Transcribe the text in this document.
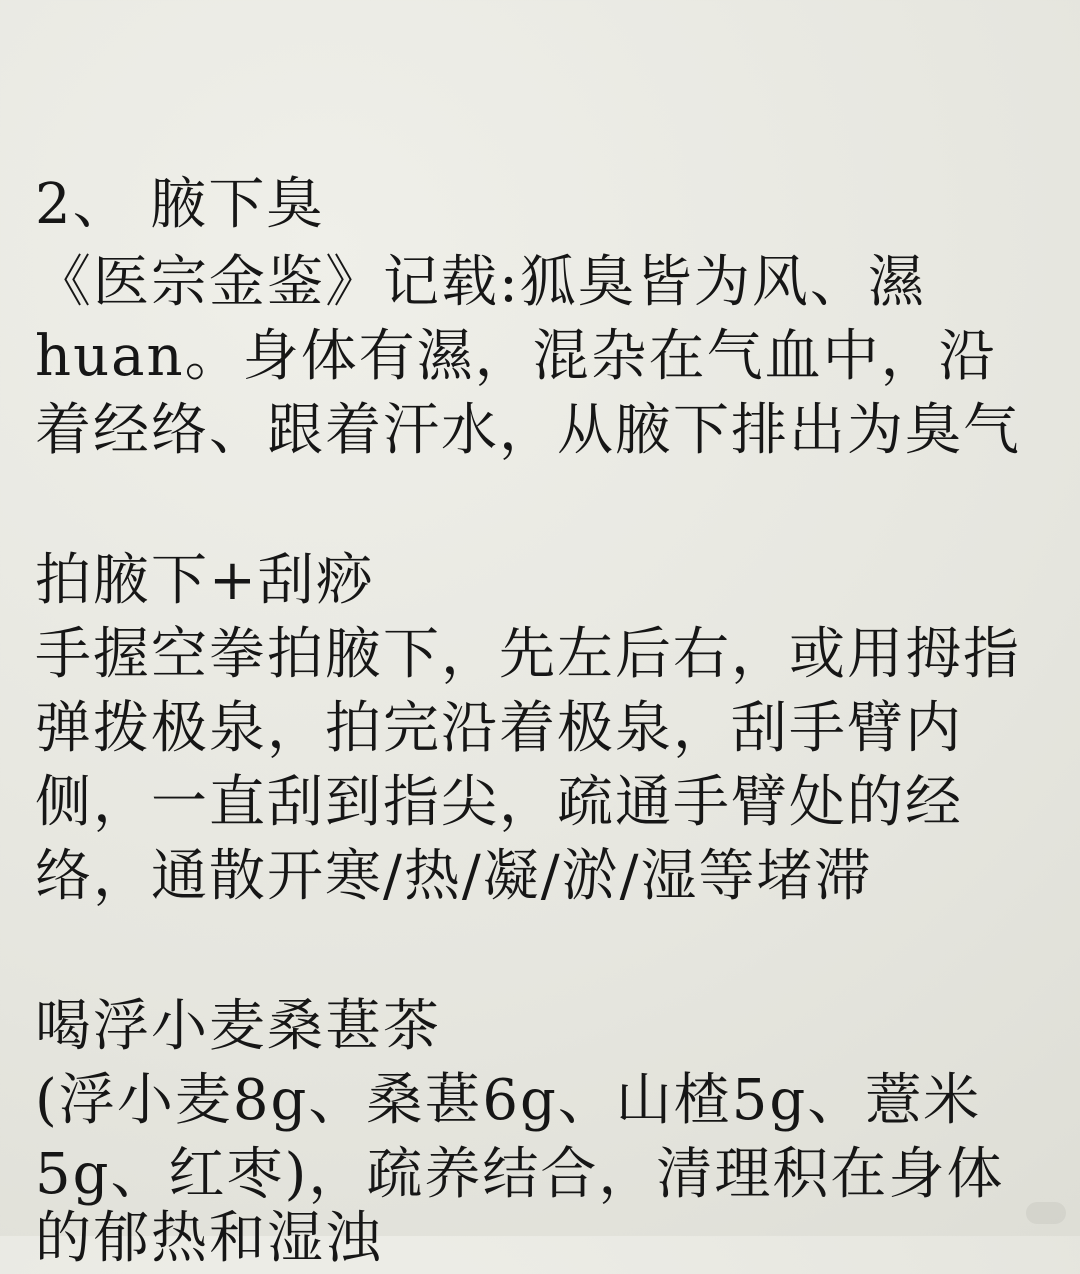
2、 腋下臭
《医宗金鉴》记载:狐臭皆为风、濕
huan。身体有濕，混杂在气血中，沿
着经络、跟着汗水，从腋下排出为臭气
拍腋下+刮痧
手握空拳拍腋下，先左后右，或用拇指
弹拨极泉，拍完沿着极泉，刮手臂内
侧，一直刮到指尖，疏通手臂处的经
络，通散开寒/热/凝/淤/湿等堵滞
喝浮小麦桑葚茶
(浮小麦8g、桑葚6g、山楂5g、薏米
5g、红枣)，疏养结合，清理积在身体
的郁热和湿浊
